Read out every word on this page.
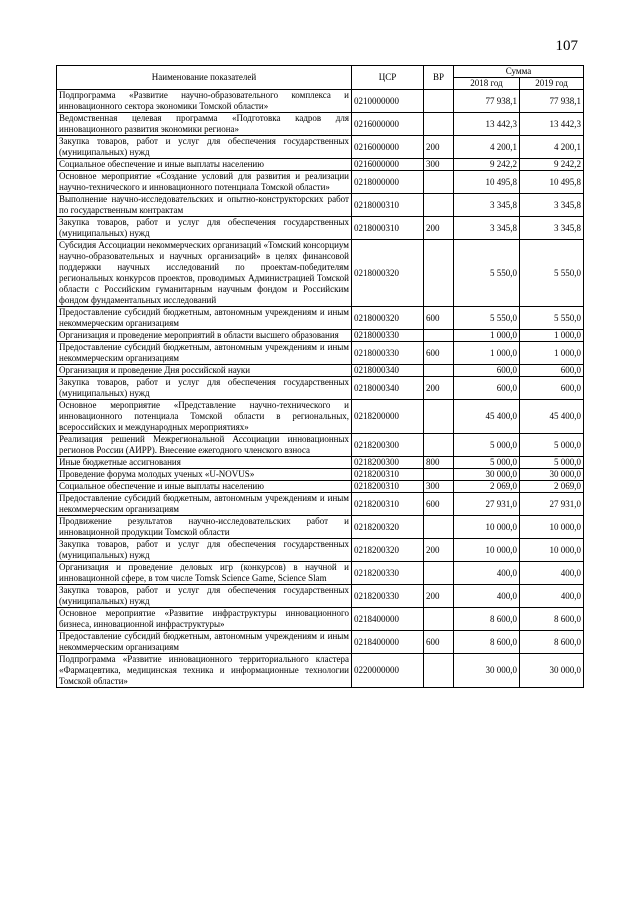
107
Наименование показателей	ЦСР	ВР	Сумма	
			2018 год	2019 год
Подпрограмма «Развитие научно-образовательного комплекса и инновационного сектора экономики Томской области»	0210000000		77 938,1	77 938,1
Ведомственная целевая программа «Подготовка кадров для инновационного развития экономики региона»	0216000000		13 442,3	13 442,3
Закупка товаров, работ и услуг для обеспечения государственных (муниципальных) нужд	0216000000	200	4 200,1	4 200,1
Социальное обеспечение и иные выплаты населению	0216000000	300	9 242,2	9 242,2
Основное мероприятие «Создание условий для развития и реализации научно-технического и инновационного потенциала Томской области»	0218000000		10 495,8	10 495,8
Выполнение научно-исследовательских и опытно-конструкторских работ по государственным контрактам	0218000310		3 345,8	3 345,8
Закупка товаров, работ и услуг для обеспечения государственных (муниципальных) нужд	0218000310	200	3 345,8	3 345,8
Субсидия Ассоциации некоммерческих организаций «Томский консорциум научно-образовательных и научных организаций» в целях финансовой поддержки научных исследований по проектам-победителям региональных конкурсов проектов, проводимых Администрацией Томской области с Российским гуманитарным научным фондом и Российским фондом фундаментальных исследований	0218000320		5 550,0	5 550,0
Предоставление субсидий бюджетным, автономным учреждениям и иным некоммерческим организациям	0218000320	600	5 550,0	5 550,0
Организация и проведение мероприятий в области высшего образования	0218000330		1 000,0	1 000,0
Предоставление субсидий бюджетным, автономным учреждениям и иным некоммерческим организациям	0218000330	600	1 000,0	1 000,0
Организация и проведение Дня российской науки	0218000340		600,0	600,0
Закупка товаров, работ и услуг для обеспечения государственных (муниципальных) нужд	0218000340	200	600,0	600,0
Основное мероприятие «Представление научно-технического и инновационного потенциала Томской области в региональных, всероссийских и международных мероприятиях»	0218200000		45 400,0	45 400,0
Реализация решений Межрегиональной Ассоциации инновационных регионов России (АИРР). Внесение ежегодного членского взноса	0218200300		5 000,0	5 000,0
Иные бюджетные ассигнования	0218200300	800	5 000,0	5 000,0
Проведение форума молодых ученых «U-NOVUS»	0218200310		30 000,0	30 000,0
Социальное обеспечение и иные выплаты населению	0218200310	300	2 069,0	2 069,0
Предоставление субсидий бюджетным, автономным учреждениям и иным некоммерческим организациям	0218200310	600	27 931,0	27 931,0
Продвижение результатов научно-исследовательских работ и инновационной продукции Томской области	0218200320		10 000,0	10 000,0
Закупка товаров, работ и услуг для обеспечения государственных (муниципальных) нужд	0218200320	200	10 000,0	10 000,0
Организация и проведение деловых игр (конкурсов) в научной и инновационной сфере, в том числе Tomsk Science Game, Science Slam	0218200330		400,0	400,0
Закупка товаров, работ и услуг для обеспечения государственных (муниципальных) нужд	0218200330	200	400,0	400,0
Основное мероприятие «Развитие инфраструктуры инновационного бизнеса, инновационной инфраструктуры»	0218400000		8 600,0	8 600,0
Предоставление субсидий бюджетным, автономным учреждениям и иным некоммерческим организациям	0218400000	600	8 600,0	8 600,0
Подпрограмма «Развитие инновационного территориального кластера «Фармацевтика, медицинская техника и информационные технологии Томской области»	0220000000		30 000,0	30 000,0
